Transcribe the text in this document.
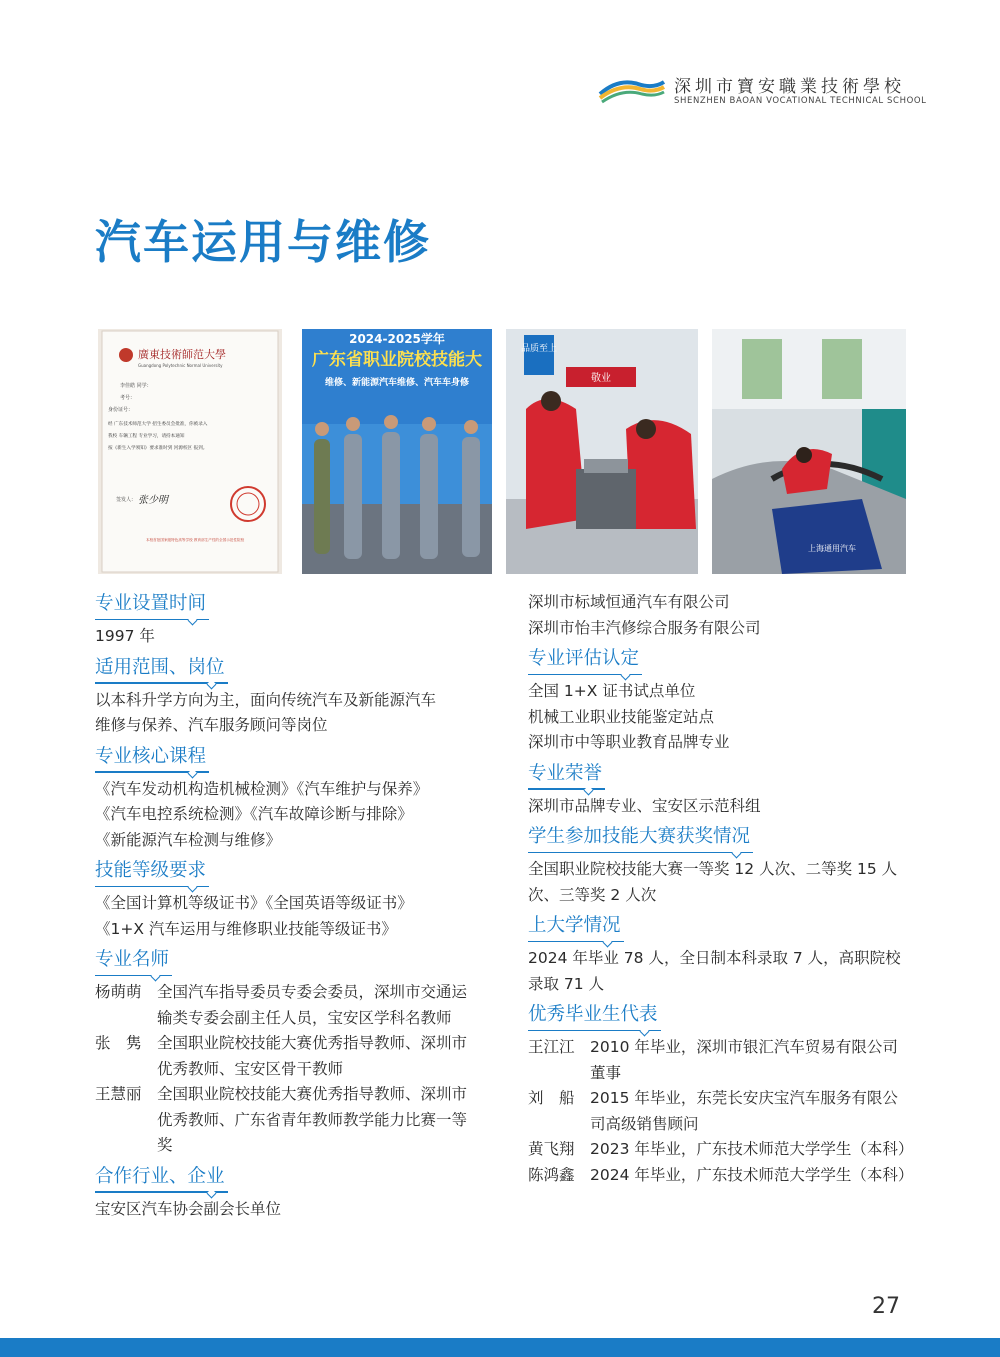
深圳市寶安職業技術學校
SHENZHEN BAOAN VOCATIONAL TECHNICAL SCHOOL
汽车运用与维修
廣東技術師范大學
Guangdong Polytechnic Normal University
李佳皓 同学：
考号：
身份证号：
经 广东技术师范大学 招生委员会批准，你被录入
我校 车辆工程 专业学习，请持本通知
按《新生入学须知》要求准时到 河源校区 报到。
签发人： 张少明
本校首批国家级特色高等学校 教育部生产性的全国示范性院校
2024-2025学年
广东省职业院校技能大
维修、新能源汽车维修、汽车车身修
品质至上
敬业
上海通用汽车
专业设置时间
1997 年
适用范围、岗位
以本科升学方向为主，面向传统汽车及新能源汽车
维修与保养、汽车服务顾问等岗位
专业核心课程
《汽车发动机构造机械检测》《汽车维护与保养》
《汽车电控系统检测》《汽车故障诊断与排除》
《新能源汽车检测与维修》
技能等级要求
《全国计算机等级证书》《全国英语等级证书》
《1+X 汽车运用与维修职业技能等级证书》
专业名师
杨萌萌 全国汽车指导委员专委会委员，深圳市交通运输类专委会副主任人员，宝安区学科名教师
张　隽 全国职业院校技能大赛优秀指导教师、深圳市优秀教师、宝安区骨干教师
王慧丽 全国职业院校技能大赛优秀指导教师、深圳市优秀教师、广东省青年教师教学能力比赛一等奖
合作行业、企业
宝安区汽车协会副会长单位
深圳市标域恒通汽车有限公司
深圳市怡丰汽修综合服务有限公司
专业评估认定
全国 1+X 证书试点单位
机械工业职业技能鉴定站点
深圳市中等职业教育品牌专业
专业荣誉
深圳市品牌专业、宝安区示范科组
学生参加技能大赛获奖情况
全国职业院校技能大赛一等奖 12 人次、二等奖 15 人次、三等奖 2 人次
上大学情况
2024 年毕业 78 人，全日制本科录取 7 人，高职院校录取 71 人
优秀毕业生代表
王江江 2010 年毕业，深圳市银汇汽车贸易有限公司董事
刘　船 2015 年毕业，东莞长安庆宝汽车服务有限公司高级销售顾问
黄飞翔 2023 年毕业，广东技术师范大学学生（本科）
陈鸿鑫 2024 年毕业，广东技术师范大学学生（本科）
27
